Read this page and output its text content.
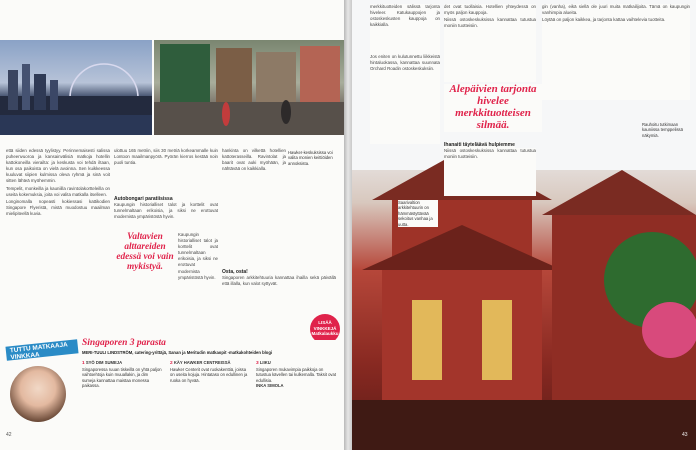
että siiden edessä tyylistyy. Perinnemaisesti salissa puheenvuoroa ja kansainvälisiä matkoja hotellin kattokoneilla vierailta: ja keskusta voi tehdä iltaan, kun osa paikoista on vielä avoinna. Sen kuikkeessa kuuluvat siipien kulmissa oleva ryhmä ja sinä voit sitten lähteä myöhemmin.

Tempelit, monkeilla ja kauniilla ravintolakortteleilla on useita kokemuksia, joita voi valita matkalla itselleen.

Longinomalla nopeasti kokiessasi kattikodien Singapore Flyeristä, mistä muodostuu maailman mielipiteellä kuvia.

ulottuu 165 metriin, siis 30 metriä korkeammalle kuin Lontoon maailmanpyörä. Pyörän kierros kestää noin puoli tuntia.

Autobongari paratiisissa

Kaupungin historialliset talot ja korttelit ovat tunnelmaltaan erikoisia, ja siksi ne erottuvat modernista ympäristöstä hyvin.

Valtavien alttareiden edessä voi vain mykistyä.

Kaupungin historialliset talot ja korttelit ovat tunnelmaltaan erikoisia, ja siksi ne erottuvat modernista ympäristöstä hyvin.

hankinta on vilkettä hotellien kattoterasseilla. Ravintolat ja baarit ovat auki myöhään, ja nähtävää on kaikkialla.

Osta, osta!

Singaporen arkkitehtuuria kannattaa ihailla sekä päivällä että illalla, kun valot syttyvät.

Hawker-keskuksissa voi valita monien keittiöiden annoksista.
LISÄÄ VINKKEJÄ Matkalaukku
TUTTU MATKAAJA VINKKAA
Singaporen 3 parasta
MERI-TUULI LINDSTRÖM, catering-yrittäjä, Sanan ja Meritudin matkaopit -matkakohteiden blogi
1 SYÖ DIM SUMEJA
Singaporessa ruuan tiskeillä on yhtä paljon vaihtoehtoja kuin muuallakin, ja dim sumeja kannattaa maistaa monessa paikassa.
2 KÄY HAWKER CENTREISSÄ
Hawker Centerit ovat ruokakenttiä, joissa on useita kojuja. Hintataso on edullinen ja ruoka on hyvää.
3 LIIKU
Singaporen mukavimpia paikkoja on tutustua kävellen tai kulkemalla. Taksit ovat edullisia.
INKA SIMOLA
42

merkkituotteiden sälissä tarjonta hiveleer. Katukauppojen ja ostoskeskusten kauppoja on kaikkialla.

Jos eniten on kulutunnettu liikkeistä hintaluokassa, kannattaa suunnata Orchard Roadin ostoskeskuksiin.

Alepäivien tarjonta hivelee merkkituotteisen silmää.

det ovat tuollaisia. Hotellien yhteydessä on myös paljon kauppoja.

Niissä ostoskeskuksissa kannattaa tutustua moniin tuotteisiin.

Ihanaiti täyteläävä hulpiemme

Niissä ostoskeskuksissa kannattaa tutustua moniin tuotteisiin.

gin (vanha), eikä siellä ole juuri muita matkailijoita. Tämä on kaupungin vanhimpia alueita.

Löytää on paljon kaikkea, ja tarjonta kattaa vaihtelevia tuotteita.

Saarivaltion arkkitehtuurin on hämmästyttävää sekoitus vanhaa ja uutta.
Rauhoitu tutkimaan kauniissa temppelissä näkymiä.
43
